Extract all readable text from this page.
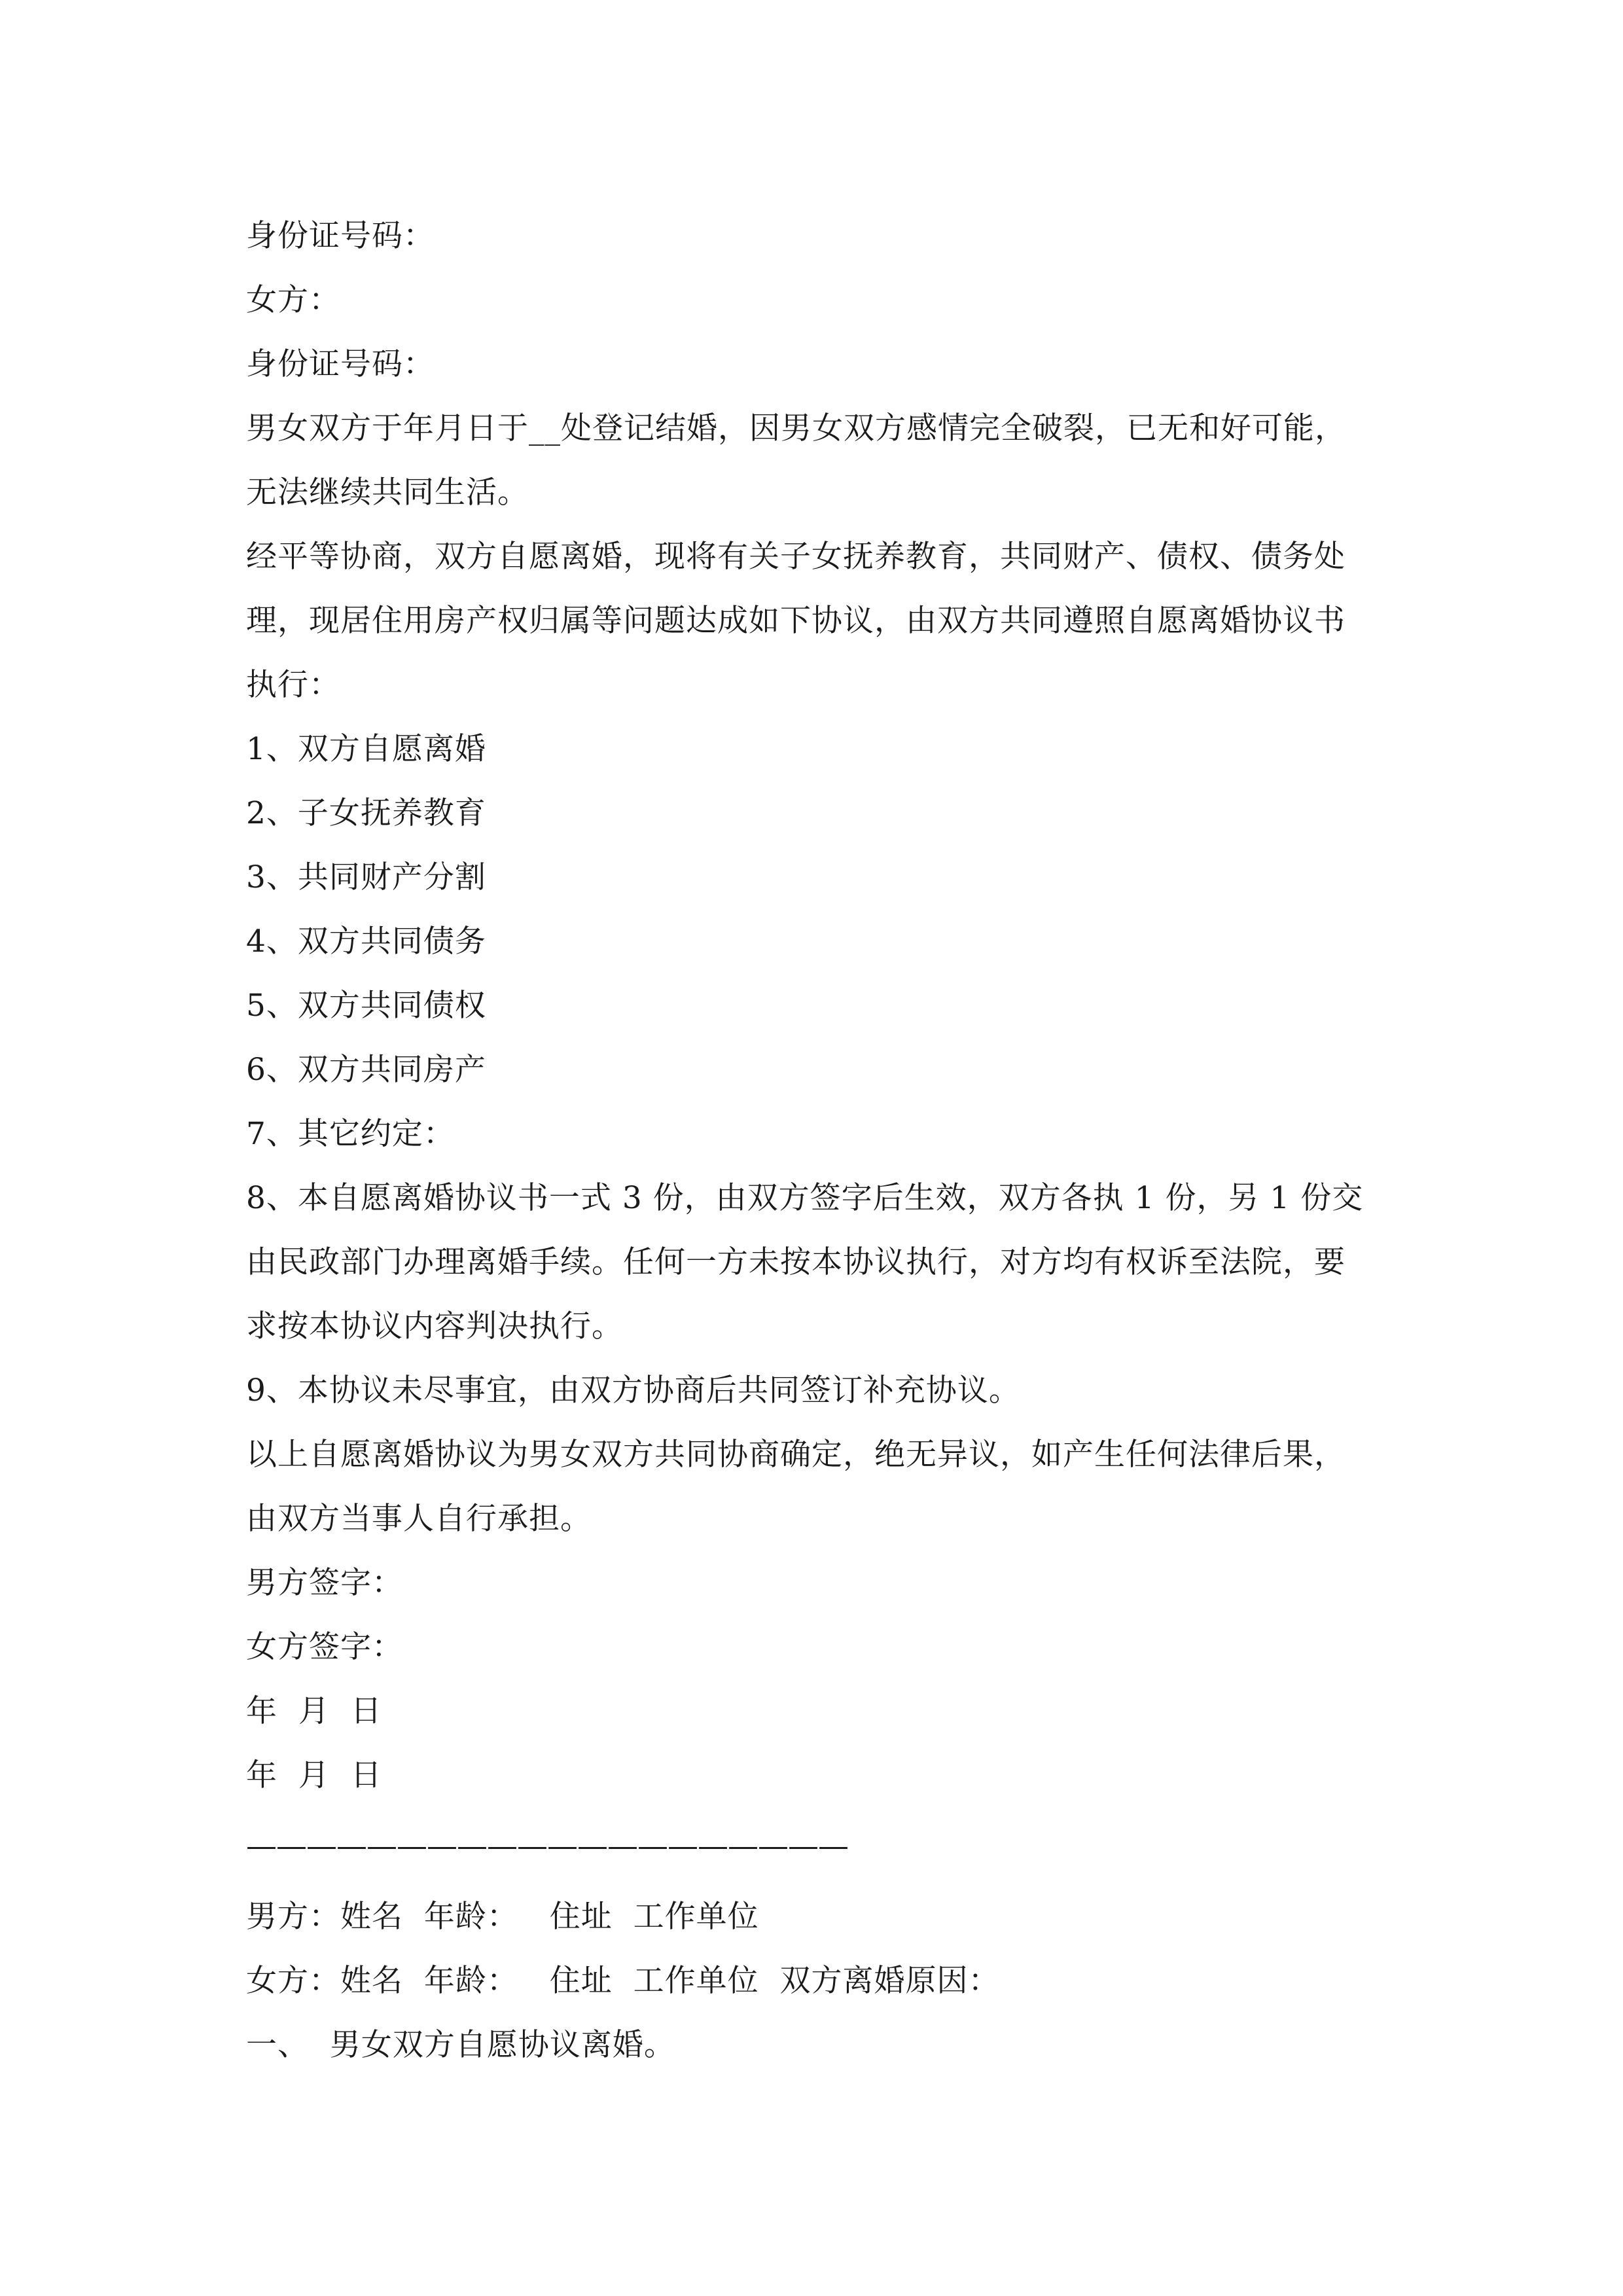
身份证号码：
女方：
身份证号码：
男女双方于年月日于__处登记结婚，因男女双方感情完全破裂，已无和好可能，
无法继续共同生活。
经平等协商，双方自愿离婚，现将有关子女抚养教育，共同财产、债权、债务处
理，现居住用房产权归属等问题达成如下协议，由双方共同遵照自愿离婚协议书
执行：
1、双方自愿离婚
2、子女抚养教育
3、共同财产分割
4、双方共同债务
5、双方共同债权
6、双方共同房产
7、其它约定：
8、本自愿离婚协议书一式 3 份，由双方签字后生效，双方各执 1 份，另 1 份交
由民政部门办理离婚手续。任何一方未按本协议执行，对方均有权诉至法院，要
求按本协议内容判决执行。
9、本协议未尽事宜，由双方协商后共同签订补充协议。
以上自愿离婚协议为男女双方共同协商确定，绝无异议，如产生任何法律后果，
由双方当事人自行承担。
男方签字：
女方签字：
年  月  日
年  月  日
————————————————————
男方：姓名  年龄：   住址  工作单位
女方：姓名  年龄：   住址  工作单位  双方离婚原因：
一、  男女双方自愿协议离婚。
